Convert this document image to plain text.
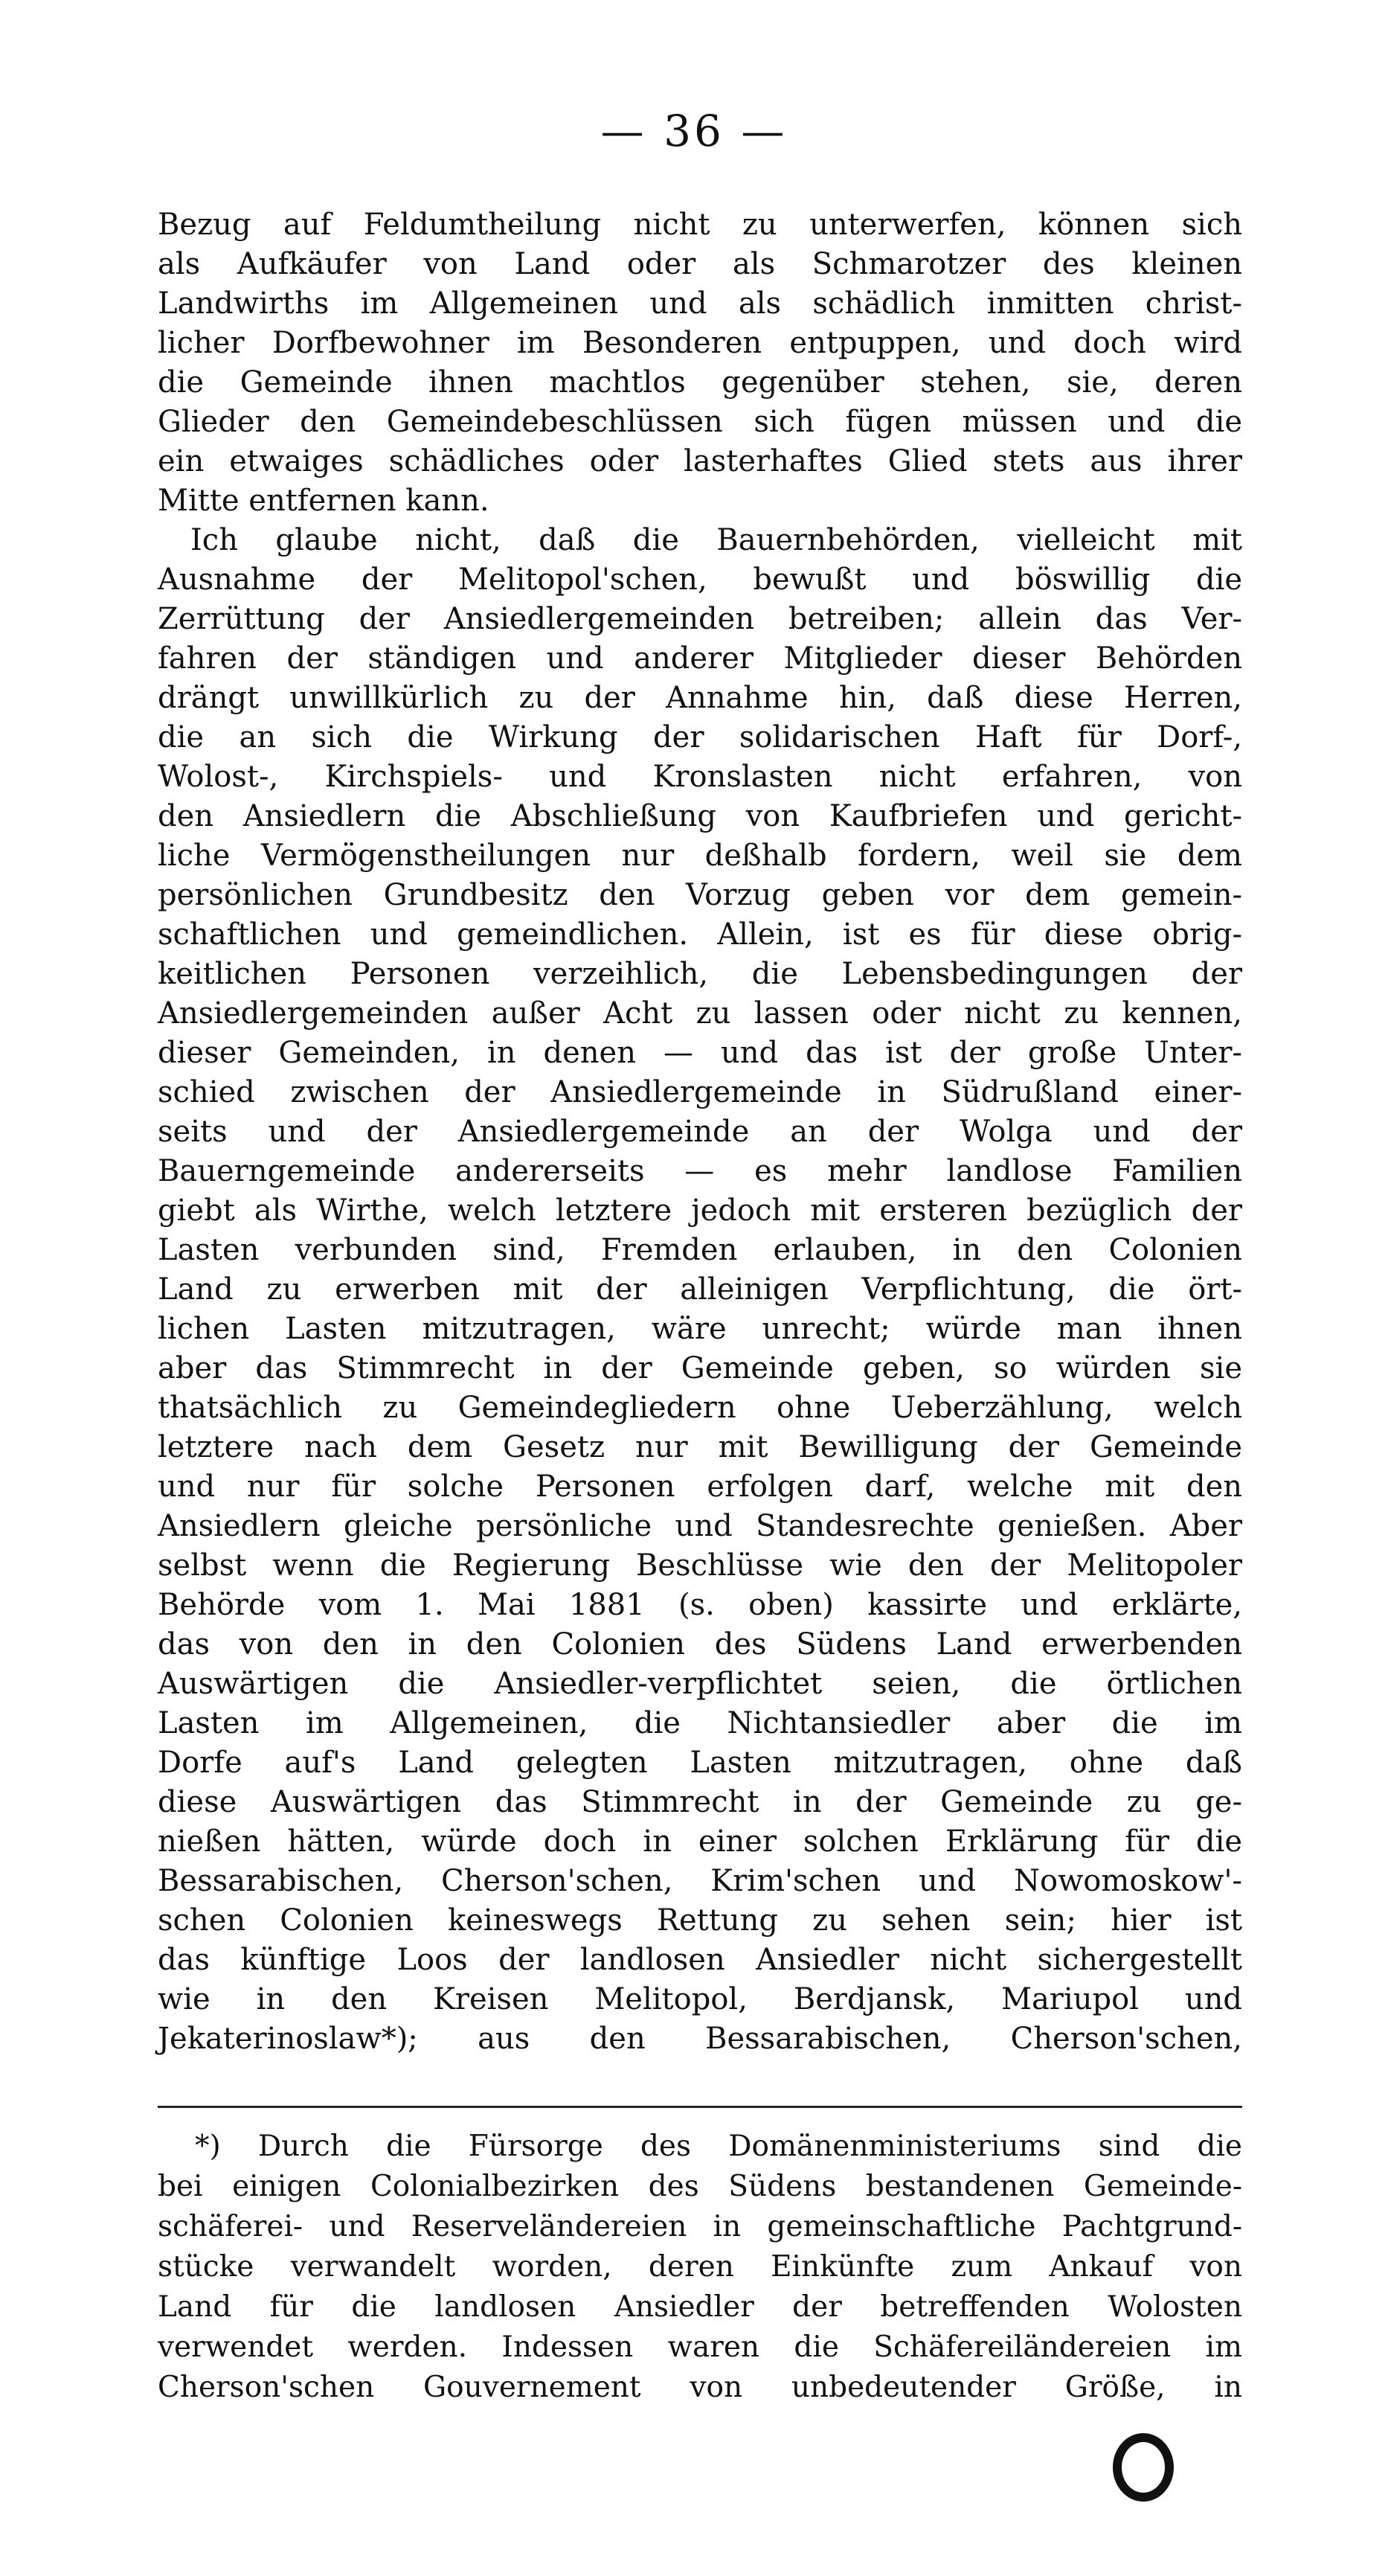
— 36 —
Bezug auf Feldumtheilung nicht zu unterwerfen, können sich
als Aufkäufer von Land oder als Schmarotzer des kleinen
Landwirths im Allgemeinen und als schädlich inmitten christ-
licher Dorfbewohner im Besonderen entpuppen, und doch wird
die Gemeinde ihnen machtlos gegenüber stehen, sie, deren
Glieder den Gemeindebeschlüssen sich fügen müssen und die
ein etwaiges schädliches oder lasterhaftes Glied stets aus ihrer
Mitte entfernen kann.
Ich glaube nicht, daß die Bauernbehörden, vielleicht mit
Ausnahme der Melitopol'schen, bewußt und böswillig die
Zerrüttung der Ansiedlergemeinden betreiben; allein das Ver-
fahren der ständigen und anderer Mitglieder dieser Behörden
drängt unwillkürlich zu der Annahme hin, daß diese Herren,
die an sich die Wirkung der solidarischen Haft für Dorf-,
Wolost-, Kirchspiels- und Kronslasten nicht erfahren, von
den Ansiedlern die Abschließung von Kaufbriefen und gericht-
liche Vermögenstheilungen nur deßhalb fordern, weil sie dem
persönlichen Grundbesitz den Vorzug geben vor dem gemein-
schaftlichen und gemeindlichen. Allein, ist es für diese obrig-
keitlichen Personen verzeihlich, die Lebensbedingungen der
Ansiedlergemeinden außer Acht zu lassen oder nicht zu kennen,
dieser Gemeinden, in denen — und das ist der große Unter-
schied zwischen der Ansiedlergemeinde in Südrußland einer-
seits und der Ansiedlergemeinde an der Wolga und der
Bauerngemeinde andererseits — es mehr landlose Familien
giebt als Wirthe, welch letztere jedoch mit ersteren bezüglich der
Lasten verbunden sind, Fremden erlauben, in den Colonien
Land zu erwerben mit der alleinigen Verpflichtung, die ört-
lichen Lasten mitzutragen, wäre unrecht; würde man ihnen
aber das Stimmrecht in der Gemeinde geben, so würden sie
thatsächlich zu Gemeindegliedern ohne Ueberzählung, welch
letztere nach dem Gesetz nur mit Bewilligung der Gemeinde
und nur für solche Personen erfolgen darf, welche mit den
Ansiedlern gleiche persönliche und Standesrechte genießen. Aber
selbst wenn die Regierung Beschlüsse wie den der Melitopoler
Behörde vom 1. Mai 1881 (s. oben) kassirte und erklärte,
das von den in den Colonien des Südens Land erwerbenden
Auswärtigen die Ansiedler-verpflichtet seien, die örtlichen
Lasten im Allgemeinen, die Nichtansiedler aber die im
Dorfe auf's Land gelegten Lasten mitzutragen, ohne daß
diese Auswärtigen das Stimmrecht in der Gemeinde zu ge-
nießen hätten, würde doch in einer solchen Erklärung für die
Bessarabischen, Cherson'schen, Krim'schen und Nowomoskow'-
schen Colonien keineswegs Rettung zu sehen sein; hier ist
das künftige Loos der landlosen Ansiedler nicht sichergestellt
wie in den Kreisen Melitopol, Berdjansk, Mariupol und
Jekaterinoslaw*); aus den Bessarabischen, Cherson'schen,
*) Durch die Fürsorge des Domänenministeriums sind die
bei einigen Colonialbezirken des Südens bestandenen Gemeinde-
schäferei- und Reserveländereien in gemeinschaftliche Pachtgrund-
stücke verwandelt worden, deren Einkünfte zum Ankauf von
Land für die landlosen Ansiedler der betreffenden Wolosten
verwendet werden. Indessen waren die Schäfereiländereien im
Cherson'schen Gouvernement von unbedeutender Größe, in
